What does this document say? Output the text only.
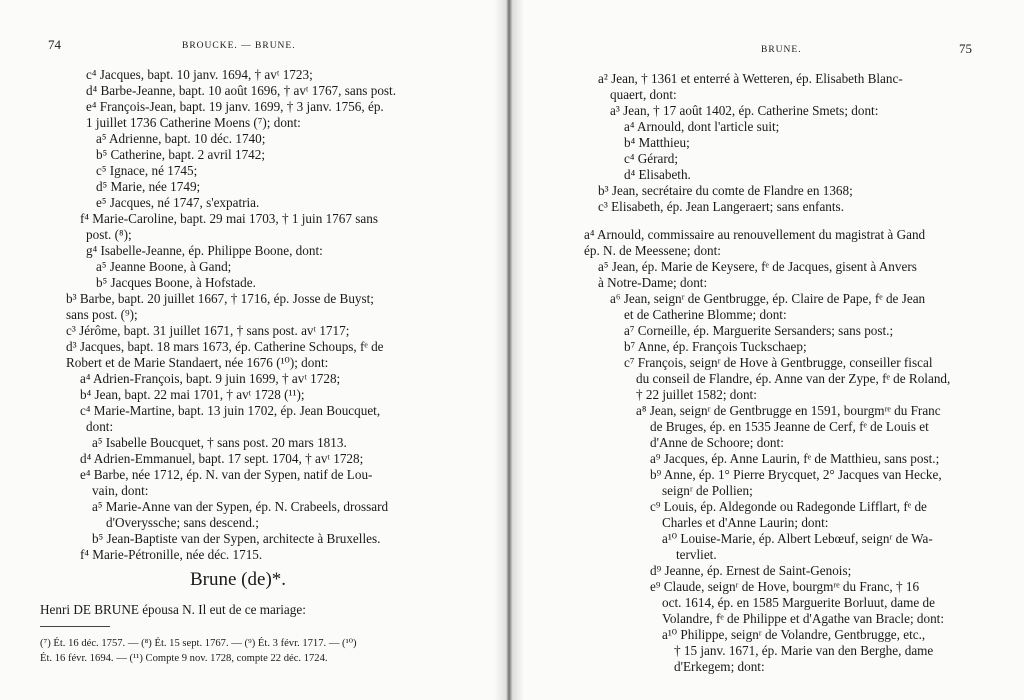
74	BROUCKE. — BRUNE.
c⁴ Jacques, bapt. 10 janv. 1694, † avᵗ 1723;
d⁴ Barbe-Jeanne, bapt. 10 août 1696, † avᵗ 1767, sans post.
e⁴ François-Jean, bapt. 19 janv. 1699, † 3 janv. 1756, ép.
1 juillet 1736 Catherine Moens (⁷); dont:
a⁵ Adrienne, bapt. 10 déc. 1740;
b⁵ Catherine, bapt. 2 avril 1742;
c⁵ Ignace, né 1745;
d⁵ Marie, née 1749;
e⁵ Jacques, né 1747, s'expatria.
f⁴ Marie-Caroline, bapt. 29 mai 1703, † 1 juin 1767 sans
post. (⁸);
g⁴ Isabelle-Jeanne, ép. Philippe Boone, dont:
a⁵ Jeanne Boone, à Gand;
b⁵ Jacques Boone, à Hofstade.
b³ Barbe, bapt. 20 juillet 1667, † 1716, ép. Josse de Buyst;
sans post. (⁹);
c³ Jérôme, bapt. 31 juillet 1671, † sans post. avᵗ 1717;
d³ Jacques, bapt. 18 mars 1673, ép. Catherine Schoups, fᵉ de
Robert et de Marie Standaert, née 1676 (¹⁰); dont:
a⁴ Adrien-François, bapt. 9 juin 1699, † avᵗ 1728;
b⁴ Jean, bapt. 22 mai 1701, † avᵗ 1728 (¹¹);
c⁴ Marie-Martine, bapt. 13 juin 1702, ép. Jean Boucquet,
dont:
a⁵ Isabelle Boucquet, † sans post. 20 mars 1813.
d⁴ Adrien-Emmanuel, bapt. 17 sept. 1704, † avᵗ 1728;
e⁴ Barbe, née 1712, ép. N. van der Sypen, natif de Lou-
vain, dont:
a⁵ Marie-Anne van der Sypen, ép. N. Crabeels, drossard
d'Overyssche; sans descend.;
b⁵ Jean-Baptiste van der Sypen, architecte à Bruxelles.
f⁴ Marie-Pétronille, née déc. 1715.
Brune (de)*.
Henri DE BRUNE épousa N. Il eut de ce mariage:
(⁷) Ét. 16 déc. 1757. — (⁸) Ét. 15 sept. 1767. — (⁹) Ét. 3 févr. 1717. — (¹⁰)
Ét. 16 févr. 1694. — (¹¹) Compte 9 nov. 1728, compte 22 déc. 1724.
BRUNE.	75
a² Jean, † 1361 et enterré à Wetteren, ép. Elisabeth Blanc-
quaert, dont:
a³ Jean, † 17 août 1402, ép. Catherine Smets; dont:
a⁴ Arnould, dont l'article suit;
b⁴ Matthieu;
c⁴ Gérard;
d⁴ Elisabeth.
b³ Jean, secrétaire du comte de Flandre en 1368;
c³ Elisabeth, ép. Jean Langeraert; sans enfants.
a⁴ Arnould, commissaire au renouvellement du magistrat à Gand
ép. N. de Meessene; dont:
a⁵ Jean, ép. Marie de Keysere, fᵉ de Jacques, gisent à Anvers
à Notre-Dame; dont:
a⁶ Jean, seignʳ de Gentbrugge, ép. Claire de Pape, fᵉ de Jean
et de Catherine Blomme; dont:
a⁷ Corneille, ép. Marguerite Sersanders; sans post.;
b⁷ Anne, ép. François Tuckschaep;
c⁷ François, seignʳ de Hove à Gentbrugge, conseiller fiscal
du conseil de Flandre, ép. Anne van der Zype, fᵉ de Roland,
† 22 juillet 1582; dont:
a⁸ Jean, seignʳ de Gentbrugge en 1591, bourgmʳᵉ du Franc
de Bruges, ép. en 1535 Jeanne de Cerf, fᵉ de Louis et
d'Anne de Schoore; dont:
a⁹ Jacques, ép. Anne Laurin, fᵉ de Matthieu, sans post.;
b⁹ Anne, ép. 1° Pierre Brycquet, 2° Jacques van Hecke,
seignʳ de Pollien;
c⁹ Louis, ép. Aldegonde ou Radegonde Lifflart, fᵉ de
Charles et d'Anne Laurin; dont:
a¹⁰ Louise-Marie, ép. Albert Lebœuf, seignʳ de Wa-
tervliet.
d⁹ Jeanne, ép. Ernest de Saint-Genois;
e⁹ Claude, seignʳ de Hove, bourgmʳᵉ du Franc, † 16
oct. 1614, ép. en 1585 Marguerite Borluut, dame de
Volandre, fᵉ de Philippe et d'Agathe van Bracle; dont:
a¹⁰ Philippe, seignʳ de Volandre, Gentbrugge, etc.,
† 15 janv. 1671, ép. Marie van den Berghe, dame
d'Erkegem; dont:
